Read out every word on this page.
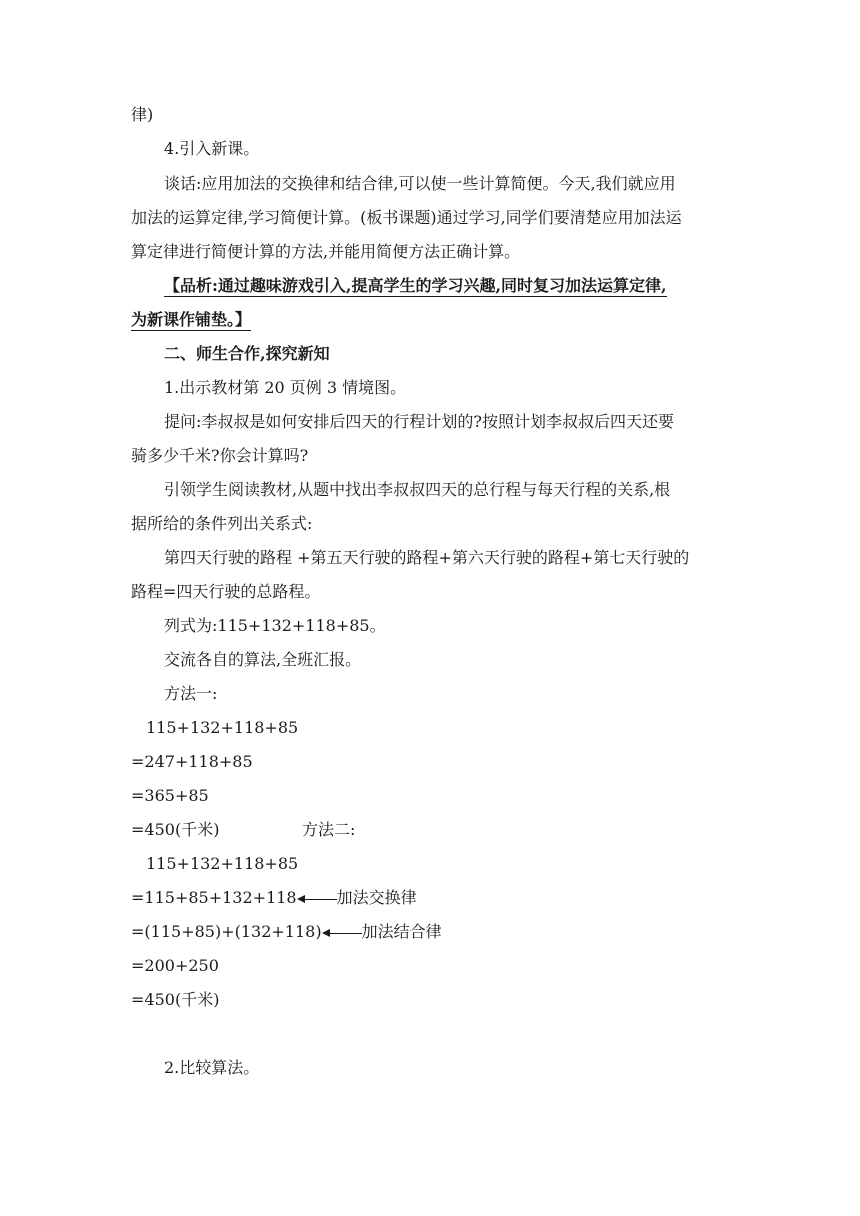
律)
4.引入新课。
谈话:应用加法的交换律和结合律,可以使一些计算简便。今天,我们就应用
加法的运算定律,学习简便计算。(板书课题)通过学习,同学们要清楚应用加法运
算定律进行简便计算的方法,并能用简便方法正确计算。
【品析:通过趣味游戏引入,提高学生的学习兴趣,同时复习加法运算定律,
为新课作铺垫。】
二、师生合作,探究新知
1.出示教材第 20 页例 3 情境图。
提问:李叔叔是如何安排后四天的行程计划的?按照计划李叔叔后四天还要
骑多少千米?你会计算吗?
引领学生阅读教材,从题中找出李叔叔四天的总行程与每天行程的关系,根
据所给的条件列出关系式:
第四天行驶的路程 +第五天行驶的路程+第六天行驶的路程+第七天行驶的
路程=四天行驶的总路程。
列式为:115+132+118+85。
交流各自的算法,全班汇报。
方法一:
115+132+118+85
=247+118+85
=365+85
=450(千米)	方法二:
115+132+118+85
=115+85+132+118	加法交换律
=(115+85)+(132+118)	加法结合律
=200+250
=450(千米)
2.比较算法。
